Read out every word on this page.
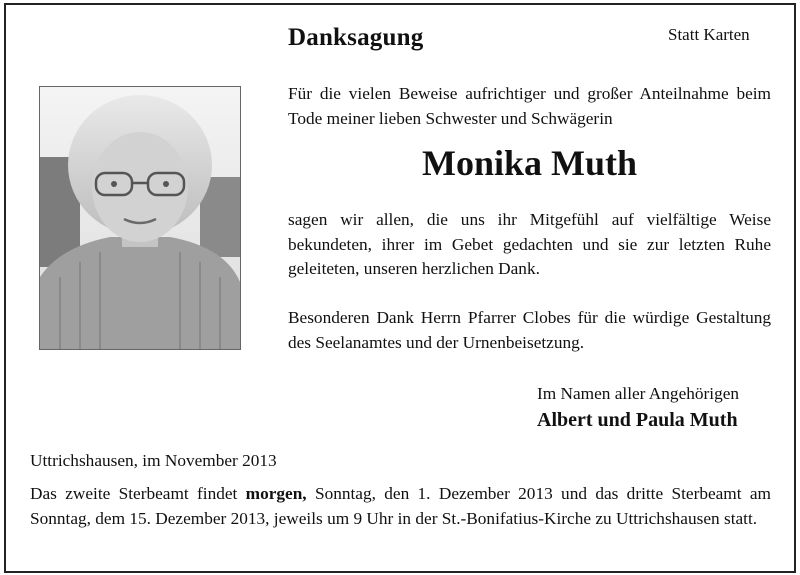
Danksagung	Statt Karten
Für die vielen Beweise aufrichtiger und großer Anteilnahme beim Tode meiner lieben Schwester und Schwägerin
Monika Muth
sagen wir allen, die uns ihr Mitgefühl auf vielfältige Weise bekundeten, ihrer im Gebet gedachten und sie zur letzten Ruhe geleiteten, unseren herzlichen Dank.
Besonderen Dank Herrn Pfarrer Clobes für die würdige Gestaltung des Seelanamtes und der Urnenbeisetzung.
Im Namen aller Angehörigen
Albert und Paula Muth
Uttrichshausen, im November 2013
Das zweite Sterbeamt findet morgen, Sonntag, den 1. Dezember 2013 und das dritte Sterbeamt am Sonntag, dem 15. Dezember 2013, jeweils um 9 Uhr in der St.-Bonifatius-Kirche zu Uttrichshausen statt.
